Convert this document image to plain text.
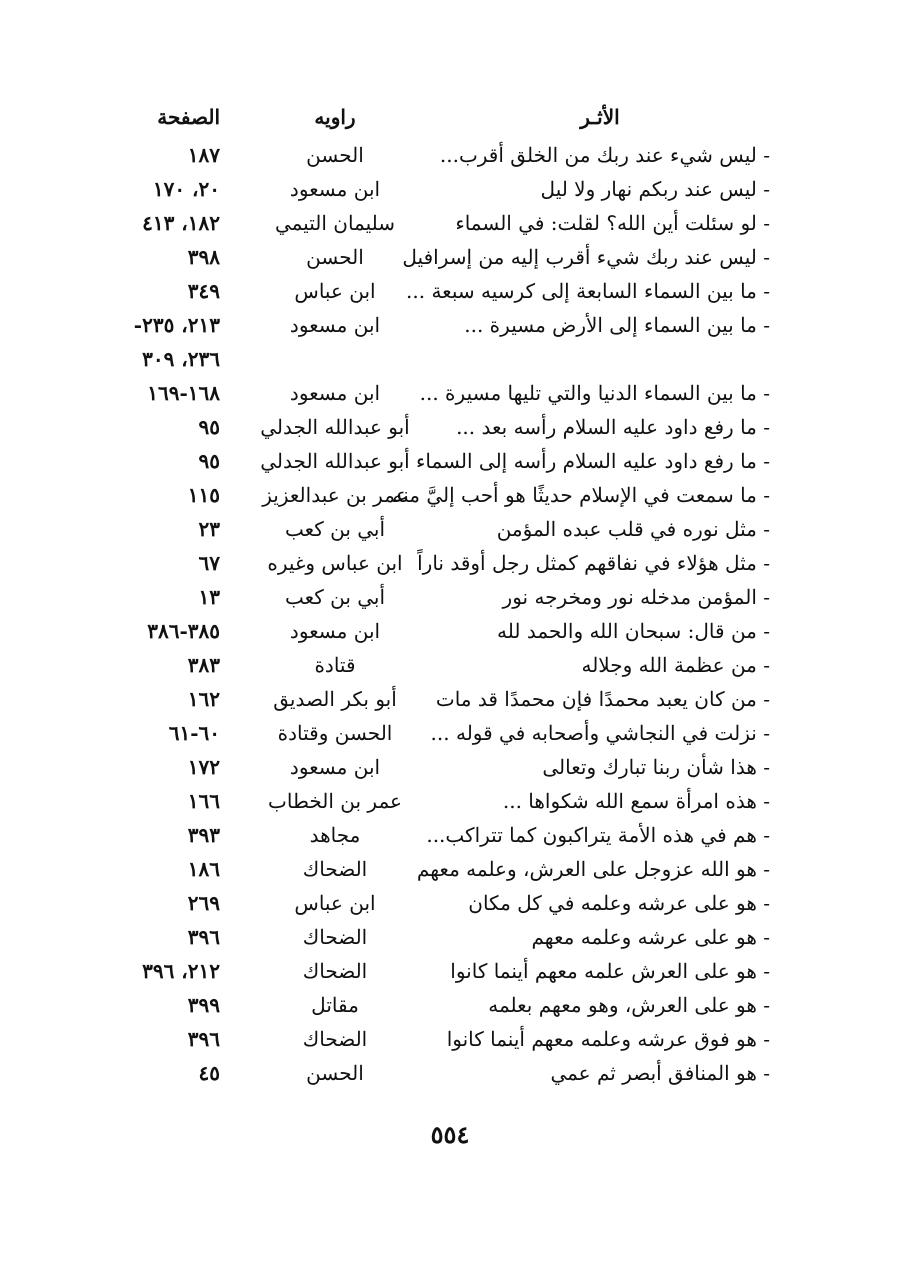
الأثـر
راويه
الصفحة
- ليس شيء عند ربك من الخلق أقرب...
الحسن
١٨٧
- ليس عند ربكم نهار ولا ليل
ابن مسعود
٢٠، ١٧٠
- لو سئلت أين الله؟ لقلت: في السماء
سليمان التيمي
١٨٢، ٤١٣
- ليس عند ربك شيء أقرب إليه من إسرافيل
الحسن
٣٩٨
- ما بين السماء السابعة إلى كرسيه سبعة ...
ابن عباس
٣٤٩
- ما بين السماء إلى الأرض مسيرة ...
ابن مسعود
٢١٣، ٢٣٥-
٢٣٦، ٣٠٩
- ما بين السماء الدنيا والتي تليها مسيرة ...
ابن مسعود
١٦٨-١٦٩
- ما رفع داود عليه السلام رأسه بعد ...
أبو عبدالله الجدلي
٩٥
- ما رفع داود عليه السلام رأسه إلى السماء
أبو عبدالله الجدلي
٩٥
- ما سمعت في الإسلام حديثًا هو أحب إليَّ منه
عمر بن عبدالعزيز
١١٥
- مثل نوره في قلب عبده المؤمن
أبي بن كعب
٢٣
- مثل هؤلاء في نفاقهم كمثل رجل أوقد ناراً
ابن عباس وغيره
٦٧
- المؤمن مدخله نور ومخرجه نور
أبي بن كعب
١٣
- من قال: سبحان الله والحمد لله
ابن مسعود
٣٨٥-٣٨٦
- من عظمة الله وجلاله
قتادة
٣٨٣
- من كان يعبد محمدًا فإن محمدًا قد مات
أبو بكر الصديق
١٦٢
- نزلت في النجاشي وأصحابه في قوله ...
الحسن وقتادة
٦٠-٦١
- هذا شأن ربنا تبارك وتعالى
ابن مسعود
١٧٢
- هذه امرأة سمع الله شكواها ...
عمر بن الخطاب
١٦٦
- هم في هذه الأمة يتراكبون كما تتراكب...
مجاهد
٣٩٣
- هو الله عزوجل على العرش، وعلمه معهم
الضحاك
١٨٦
- هو على عرشه وعلمه في كل مكان
ابن عباس
٢٦٩
- هو على عرشه وعلمه معهم
الضحاك
٣٩٦
- هو على العرش علمه معهم أينما كانوا
الضحاك
٢١٢، ٣٩٦
- هو على العرش، وهو معهم بعلمه
مقاتل
٣٩٩
- هو فوق عرشه وعلمه معهم أينما كانوا
الضحاك
٣٩٦
- هو المنافق أبصر ثم عمي
الحسن
٤٥
٥٥٤
